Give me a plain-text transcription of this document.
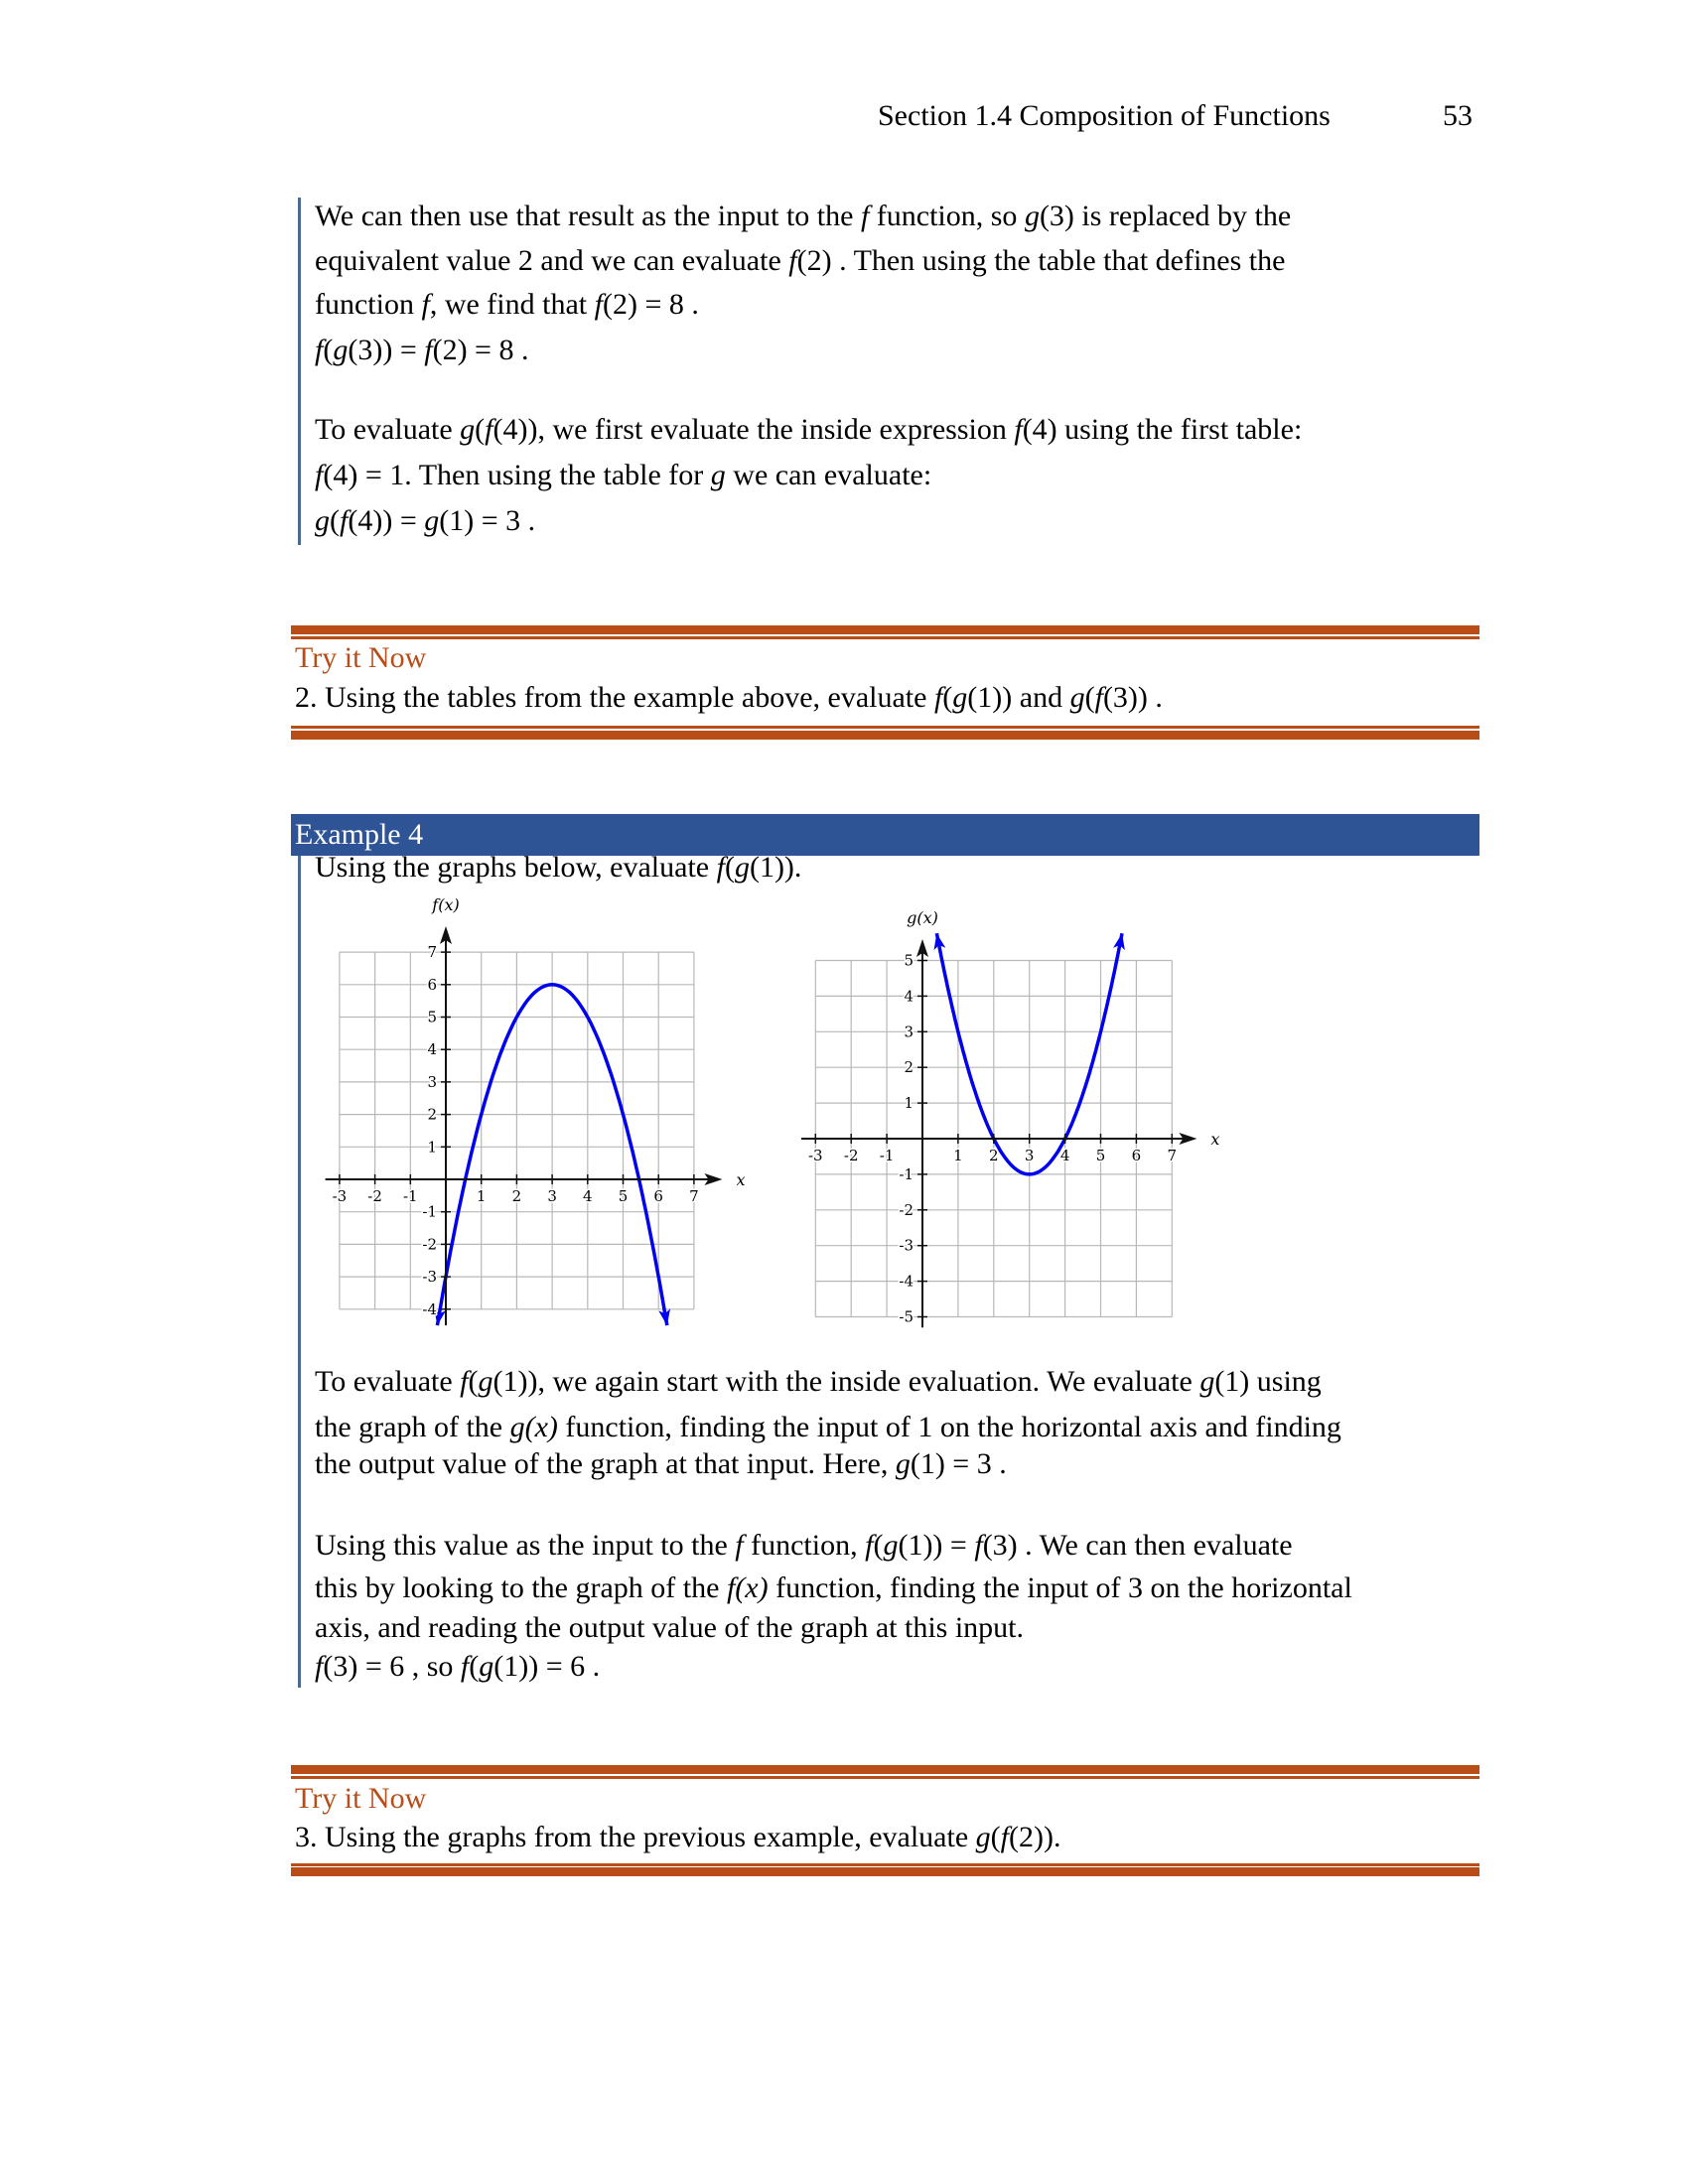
Section 1.4 Composition of Functions	53
We can then use that result as the input to the f function, so g(3) is replaced by the
equivalent value 2 and we can evaluate f(2) . Then using the table that defines the
function f, we find that f(2) = 8 .
f(g(3)) = f(2) = 8 .
To evaluate g(f(4)), we first evaluate the inside expression f(4) using the first table:
f(4) = 1. Then using the table for g we can evaluate:
g(f(4)) = g(1) = 3 .
Try it Now
2. Using the tables from the example above, evaluate f(g(1)) and g(f(3)) .
Example 4
Using the graphs below, evaluate f(g(1)).
-3 -2 -1	1 2 3 4 5 6 7
-4
-3
-2
-1
1
2
3
4
5
6
7
f(x)
x
-3 -2 -1	1 2 3 4 5 6 7
-5
-4
-3
-2
-1
1
2
3
4
5
g(x)
x
To evaluate f(g(1)), we again start with the inside evaluation. We evaluate g(1) using
the graph of the g(x) function, finding the input of 1 on the horizontal axis and finding
the output value of the graph at that input. Here, g(1) = 3 .
Using this value as the input to the f function, f(g(1)) = f(3) . We can then evaluate
this by looking to the graph of the f(x) function, finding the input of 3 on the horizontal
axis, and reading the output value of the graph at this input.
f(3) = 6 , so f(g(1)) = 6 .
Try it Now
3. Using the graphs from the previous example, evaluate g(f(2)).
